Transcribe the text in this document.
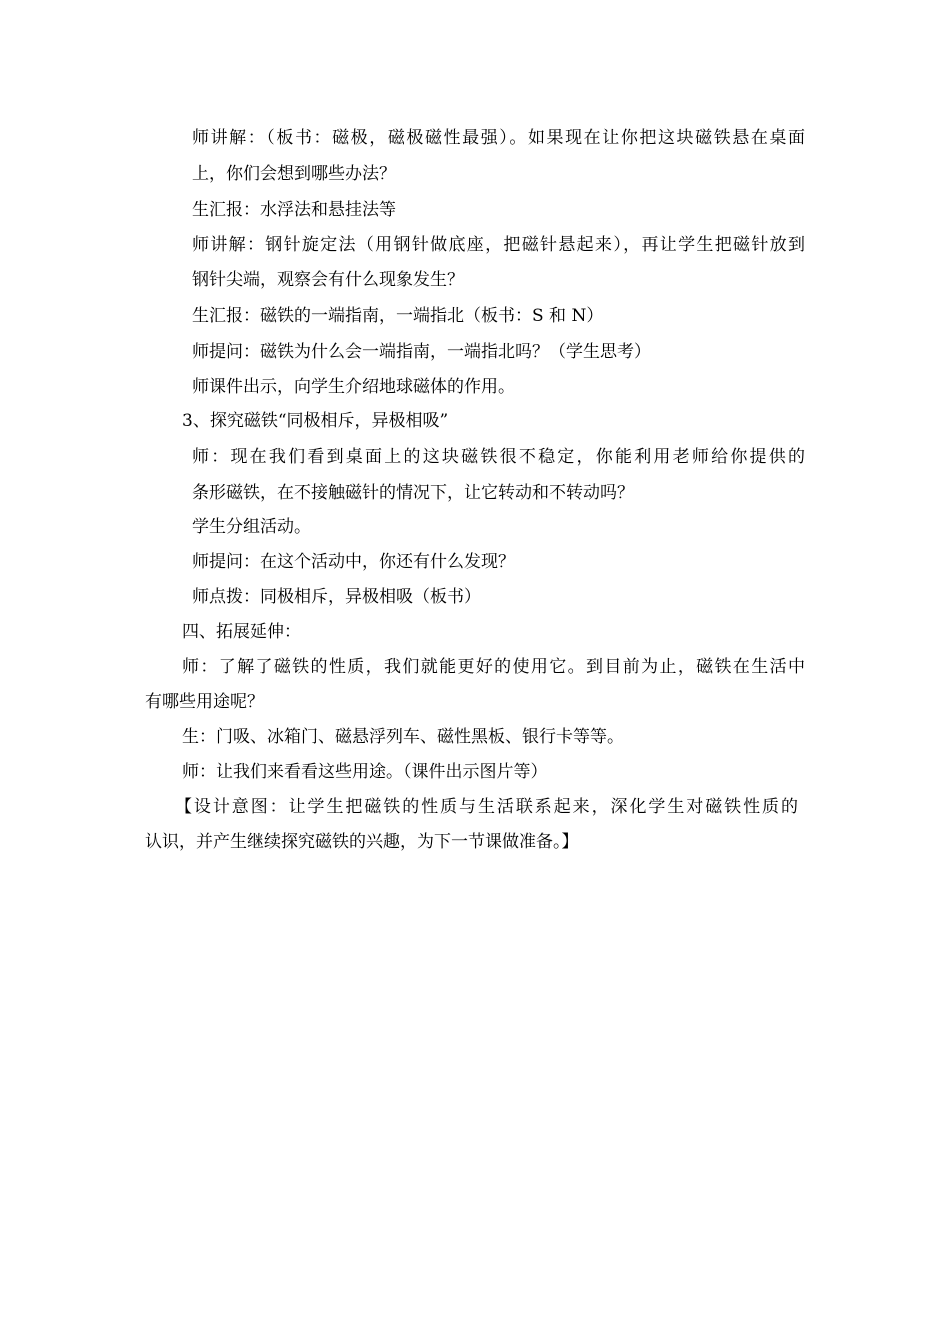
师讲解：（板书：磁极，磁极磁性最强）。如果现在让你把这块磁铁悬在桌面
上，你们会想到哪些办法？
生汇报：水浮法和悬挂法等
师讲解：钢针旋定法（用钢针做底座，把磁针悬起来），再让学生把磁针放到
钢针尖端，观察会有什么现象发生？
生汇报：磁铁的一端指南，一端指北（板书：S 和 N）
师提问：磁铁为什么会一端指南，一端指北吗？（学生思考）
师课件出示，向学生介绍地球磁体的作用。
3、探究磁铁“同极相斥，异极相吸”
师：现在我们看到桌面上的这块磁铁很不稳定，你能利用老师给你提供的
条形磁铁，在不接触磁针的情况下，让它转动和不转动吗？
学生分组活动。
师提问：在这个活动中，你还有什么发现？
师点拨：同极相斥，异极相吸（板书）
四、拓展延伸：
师：了解了磁铁的性质，我们就能更好的使用它。到目前为止，磁铁在生活中
有哪些用途呢？
生：门吸、冰箱门、磁悬浮列车、磁性黑板、银行卡等等。
师：让我们来看看这些用途。（课件出示图片等）
【设计意图：让学生把磁铁的性质与生活联系起来，深化学生对磁铁性质的
认识，并产生继续探究磁铁的兴趣，为下一节课做准备。】
